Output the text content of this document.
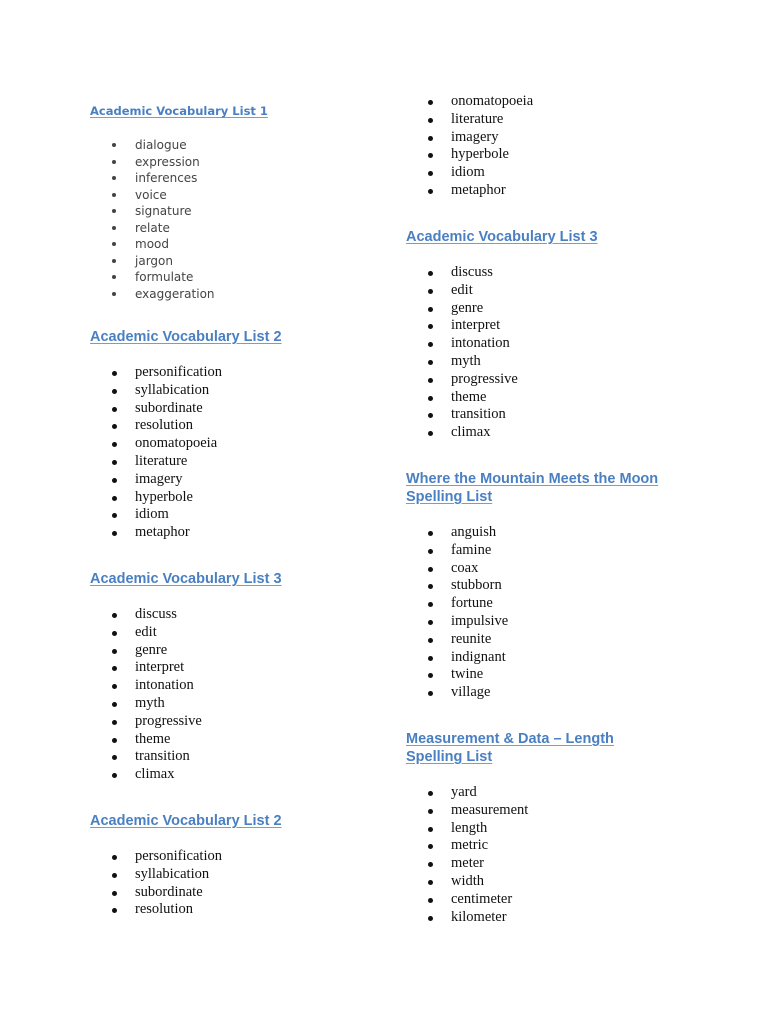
Academic Vocabulary List 1
dialogue
expression
inferences
voice
signature
relate
mood
jargon
formulate
exaggeration
Academic Vocabulary List 2
personification
syllabication
subordinate
resolution
onomatopoeia
literature
imagery
hyperbole
idiom
metaphor
Academic Vocabulary List 3
discuss
edit
genre
interpret
intonation
myth
progressive
theme
transition
climax
Academic Vocabulary List 2
personification
syllabication
subordinate
resolution
onomatopoeia
literature
imagery
hyperbole
idiom
metaphor
Academic Vocabulary List 3
discuss
edit
genre
interpret
intonation
myth
progressive
theme
transition
climax
Where the Mountain Meets the Moon
Spelling List
anguish
famine
coax
stubborn
fortune
impulsive
reunite
indignant
twine
village
Measurement & Data – Length
Spelling List
yard
measurement
length
metric
meter
width
centimeter
kilometer
